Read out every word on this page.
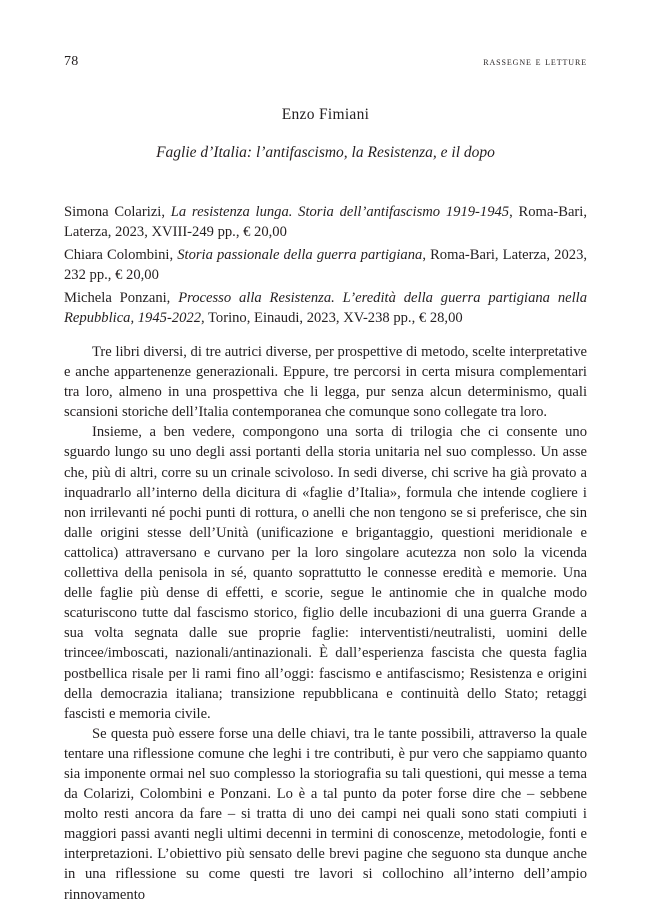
78	rassegne e letture
Enzo Fimiani
Faglie d’Italia: l’antifascismo, la Resistenza, e il dopo

Simona Colarizi, La resistenza lunga. Storia dell’antifascismo 1919-1945, Roma-Bari, Laterza, 2023, XVIII-249 pp., € 20,00

Chiara Colombini, Storia passionale della guerra partigiana, Roma-Bari, Laterza, 2023, 232 pp., € 20,00

Michela Ponzani, Processo alla Resistenza. L’eredità della guerra partigiana nella Repubblica, 1945-2022, Torino, Einaudi, 2023, XV-238 pp., € 28,00

Tre libri diversi, di tre autrici diverse, per prospettive di metodo, scelte interpretative e anche appartenenze generazionali. Eppure, tre percorsi in certa misura complementari tra loro, almeno in una prospettiva che li legga, pur senza alcun determinismo, quali scansioni storiche dell’Italia contemporanea che comunque sono collegate tra loro.

Insieme, a ben vedere, compongono una sorta di trilogia che ci consente uno sguardo lungo su uno degli assi portanti della storia unitaria nel suo complesso. Un asse che, più di altri, corre su un crinale scivoloso. In sedi diverse, chi scrive ha già provato a inquadrarlo all’interno della dicitura di «faglie d’Italia», formula che intende cogliere i non irrilevanti né pochi punti di rottura, o anelli che non tengono se si preferisce, che sin dalle origini stesse dell’Unità (unificazione e brigantaggio, questioni meridionale e cattolica) attraversano e curvano per la loro singolare acutezza non solo la vicenda collettiva della penisola in sé, quanto soprattutto le connesse eredità e memorie. Una delle faglie più dense di effetti, e scorie, segue le antinomie che in qualche modo scaturiscono tutte dal fascismo storico, figlio delle incubazioni di una guerra Grande a sua volta segnata dalle sue proprie faglie: interventisti/neutralisti, uomini delle trincee/imboscati, nazionali/antinazionali. È dall’esperienza fascista che questa faglia postbellica risale per li rami fino all’oggi: fascismo e antifascismo; Resistenza e origini della democrazia italiana; transizione repubblicana e continuità dello Stato; retaggi fascisti e memoria civile.

Se questa può essere forse una delle chiavi, tra le tante possibili, attraverso la quale tentare una riflessione comune che leghi i tre contributi, è pur vero che sappiamo quanto sia imponente ormai nel suo complesso la storiografia su tali questioni, qui messe a tema da Colarizi, Colombini e Ponzani. Lo è a tal punto da poter forse dire che – sebbene molto resti ancora da fare – si tratta di uno dei campi nei quali sono stati compiuti i maggiori passi avanti negli ultimi decenni in termini di conoscenze, metodologie, fonti e interpretazioni. L’obiettivo più sensato delle brevi pagine che seguono sta dunque anche in una riflessione su come questi tre lavori si collochino all’interno dell’ampio rinnovamento
